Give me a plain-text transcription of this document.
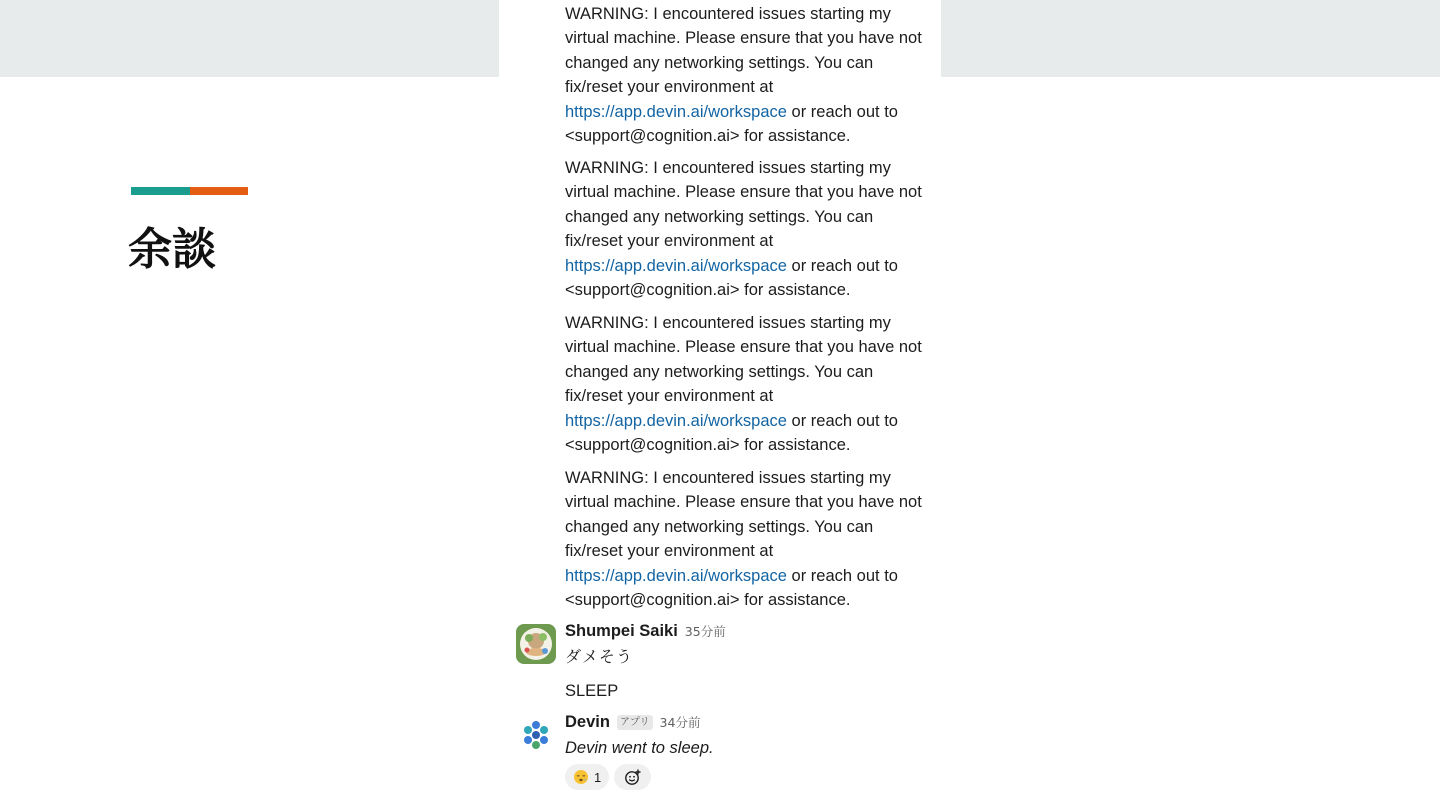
余談
WARNING: I encountered issues starting my
virtual machine. Please ensure that you have not
changed any networking settings. You can
fix/reset your environment at
https://app.devin.ai/workspace or reach out to
<support@cognition.ai> for assistance.
WARNING: I encountered issues starting my
virtual machine. Please ensure that you have not
changed any networking settings. You can
fix/reset your environment at
https://app.devin.ai/workspace or reach out to
<support@cognition.ai> for assistance.
WARNING: I encountered issues starting my
virtual machine. Please ensure that you have not
changed any networking settings. You can
fix/reset your environment at
https://app.devin.ai/workspace or reach out to
<support@cognition.ai> for assistance.
WARNING: I encountered issues starting my
virtual machine. Please ensure that you have not
changed any networking settings. You can
fix/reset your environment at
https://app.devin.ai/workspace or reach out to
<support@cognition.ai> for assistance.
Shumpei Saiki 35分前
ダメそう
SLEEP
Devin	アプリ 34分前
Devin went to sleep.
1
